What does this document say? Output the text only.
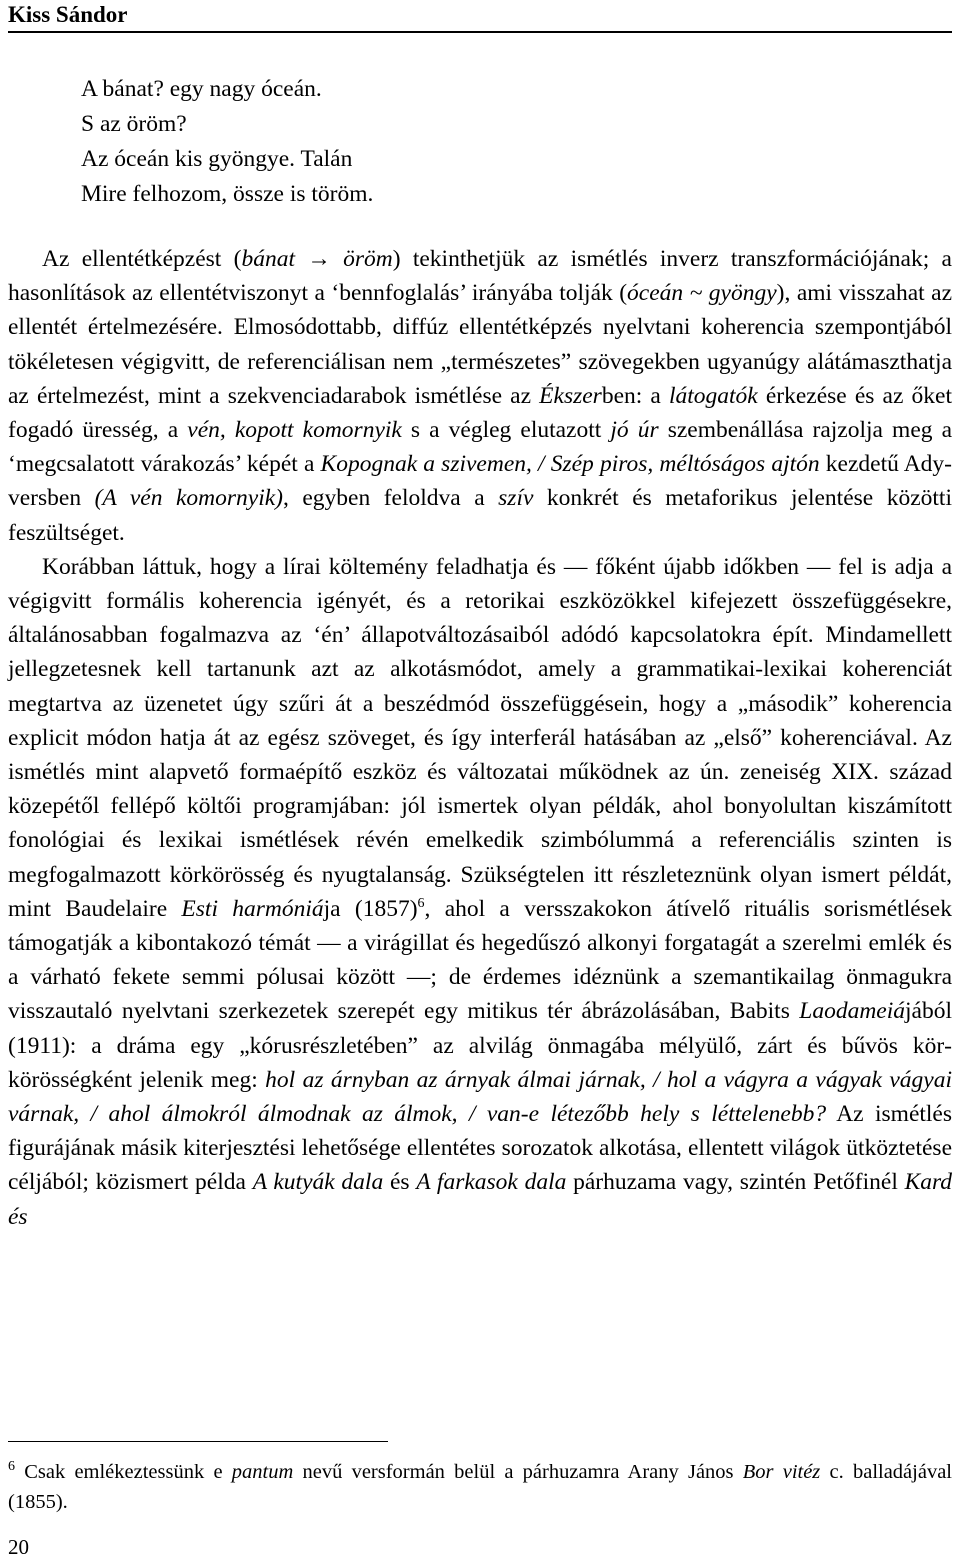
Kiss Sándor
A bánat? egy nagy óceán.
S az öröm?
Az óceán kis gyöngye. Talán
Mire felhozom, össze is töröm.

Az ellentétképzést (bánat → öröm) tekinthetjük az ismétlés inverz transzformációjának; a hasonlítások az ellentétviszonyt a ‘bennfoglalás’ irányába tolják (óceán ~ gyöngy), ami visszahat az ellentét értelmezésére. Elmosódottabb, diffúz ellentétképzés nyelvtani koherencia szempontjából tökéletesen végigvitt, de referenciálisan nem „természetes” szövegekben ugyanúgy alátámaszthatja az értelmezést, mint a szekvenciadarabok ismétlése az Ékszerben: a látogatók érkezése és az őket fogadó üresség, a vén, kopott komornyik s a végleg elutazott jó úr szembenállása rajzolja meg a ‘megcsalatott várakozás’ képét a Kopognak a szivemen, / Szép piros, méltóságos ajtón kezdetű Ady-versben (A vén komornyik), egyben feloldva a szív konkrét és metaforikus jelentése közötti feszültséget.

Korábban láttuk, hogy a lírai költemény feladhatja és — főként újabb időkben — fel is adja a végigvitt formális koherencia igényét, és a retorikai eszközökkel kifejezett összefüggésekre, általánosabban fogalmazva az ‘én’ állapotváltozásaiból adódó kapcsolatokra épít. Mindamellett jellegzetesnek kell tartanunk azt az alkotásmódot, amely a grammatikai-lexikai koherenciát megtartva az üzenetet úgy szűri át a beszédmód összefüggésein, hogy a „második” koherencia explicit módon hatja át az egész szöveget, és így interferál hatásában az „első” koherenciával. Az ismétlés mint alapvető formaépítő eszköz és változatai működnek az ún. zeneiség XIX. század közepétől fellépő költői programjában: jól ismertek olyan példák, ahol bonyolultan kiszámított fonológiai és lexikai ismétlések révén emelkedik szimbólummá a referenciális szinten is megfogalmazott körkörösség és nyugtalanság. Szükségtelen itt részleteznünk olyan ismert példát, mint Baudelaire Esti harmóniája $(1857)^6$, ahol a versszakokon átívelő rituális sorismétlések támogatják a kibontakozó témát — a virágillat és hegedűszó alkonyi forgatagát a szerelmi emlék és a várható fekete semmi pólusai között —; de érdemes idéznünk a szemantikailag önmagukra visszautaló nyelvtani szerkezetek szerepét egy mitikus tér ábrázolásában, Babits Laodameiájából (1911): a dráma egy „kórusrészletében” az alvilág önmagába mélyülő, zárt és bűvös körkörösségként jelenik meg: hol az árnyban az árnyak álmai járnak, / hol a vágyra a vágyak vágyai várnak, / ahol álmokról álmodnak az álmok, / van-e létezőbb hely s léttelenebb? Az ismétlés figurájának másik kiterjesztési lehetősége ellentétes sorozatok alkotása, ellentett világok ütköztetése céljából; közismert példa A kutyák dala és A farkasok dala párhuzama vagy, szintén Petőfinél Kard és

$^6$ Csak emlékeztessünk e pantum nevű versformán belül a párhuzamra Arany János Bor vitéz c. balladájával (1855).
20
